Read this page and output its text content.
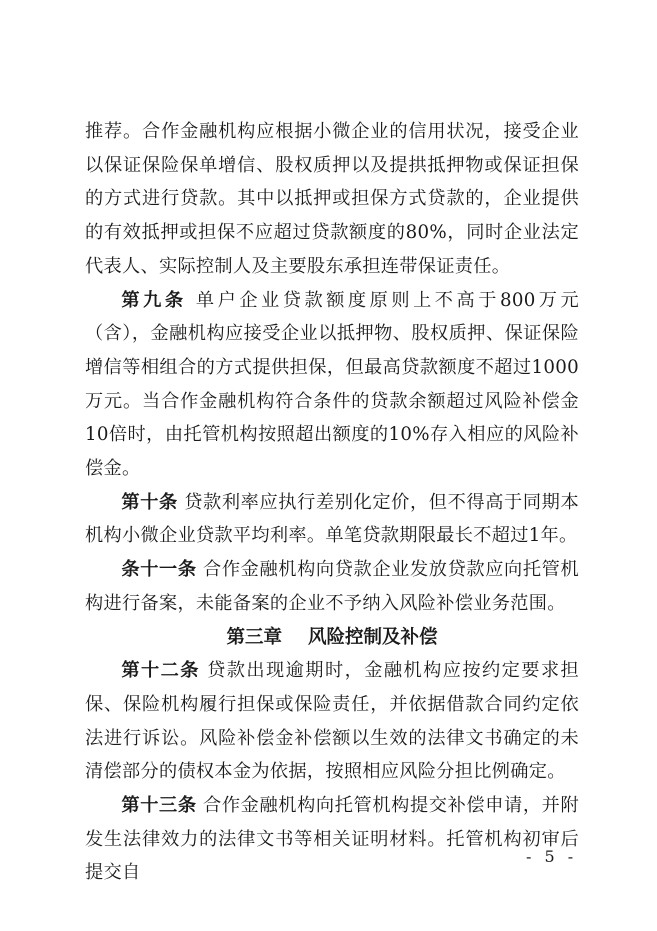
推荐。合作金融机构应根据小微企业的信用状况，接受企业以保证保险保单增信、股权质押以及提拱抵押物或保证担保的方式进行贷款。其中以抵押或担保方式贷款的，企业提供的有效抵押或担保不应超过贷款额度的80%，同时企业法定代表人、实际控制人及主要股东承担连带保证责任。

第九条 单户企业贷款额度原则上不高于800万元（含），金融机构应接受企业以抵押物、股权质押、保证保险增信等相组合的方式提供担保，但最高贷款额度不超过1000万元。当合作金融机构符合条件的贷款余额超过风险补偿金10倍时，由托管机构按照超出额度的10%存入相应的风险补偿金。

第十条 贷款利率应执行差别化定价，但不得高于同期本机构小微企业贷款平均利率。单笔贷款期限最长不超过1年。

条十一条 合作金融机构向贷款企业发放贷款应向托管机构进行备案，未能备案的企业不予纳入风险补偿业务范围。

第三章 风险控制及补偿

第十二条 贷款出现逾期时，金融机构应按约定要求担保、保险机构履行担保或保险责任，并依据借款合同约定依法进行诉讼。风险补偿金补偿额以生效的法律文书确定的未清偿部分的债权本金为依据，按照相应风险分担比例确定。

第十三条 合作金融机构向托管机构提交补偿申请，并附发生法律效力的法律文书等相关证明材料。托管机构初审后提交自

- 5 -
